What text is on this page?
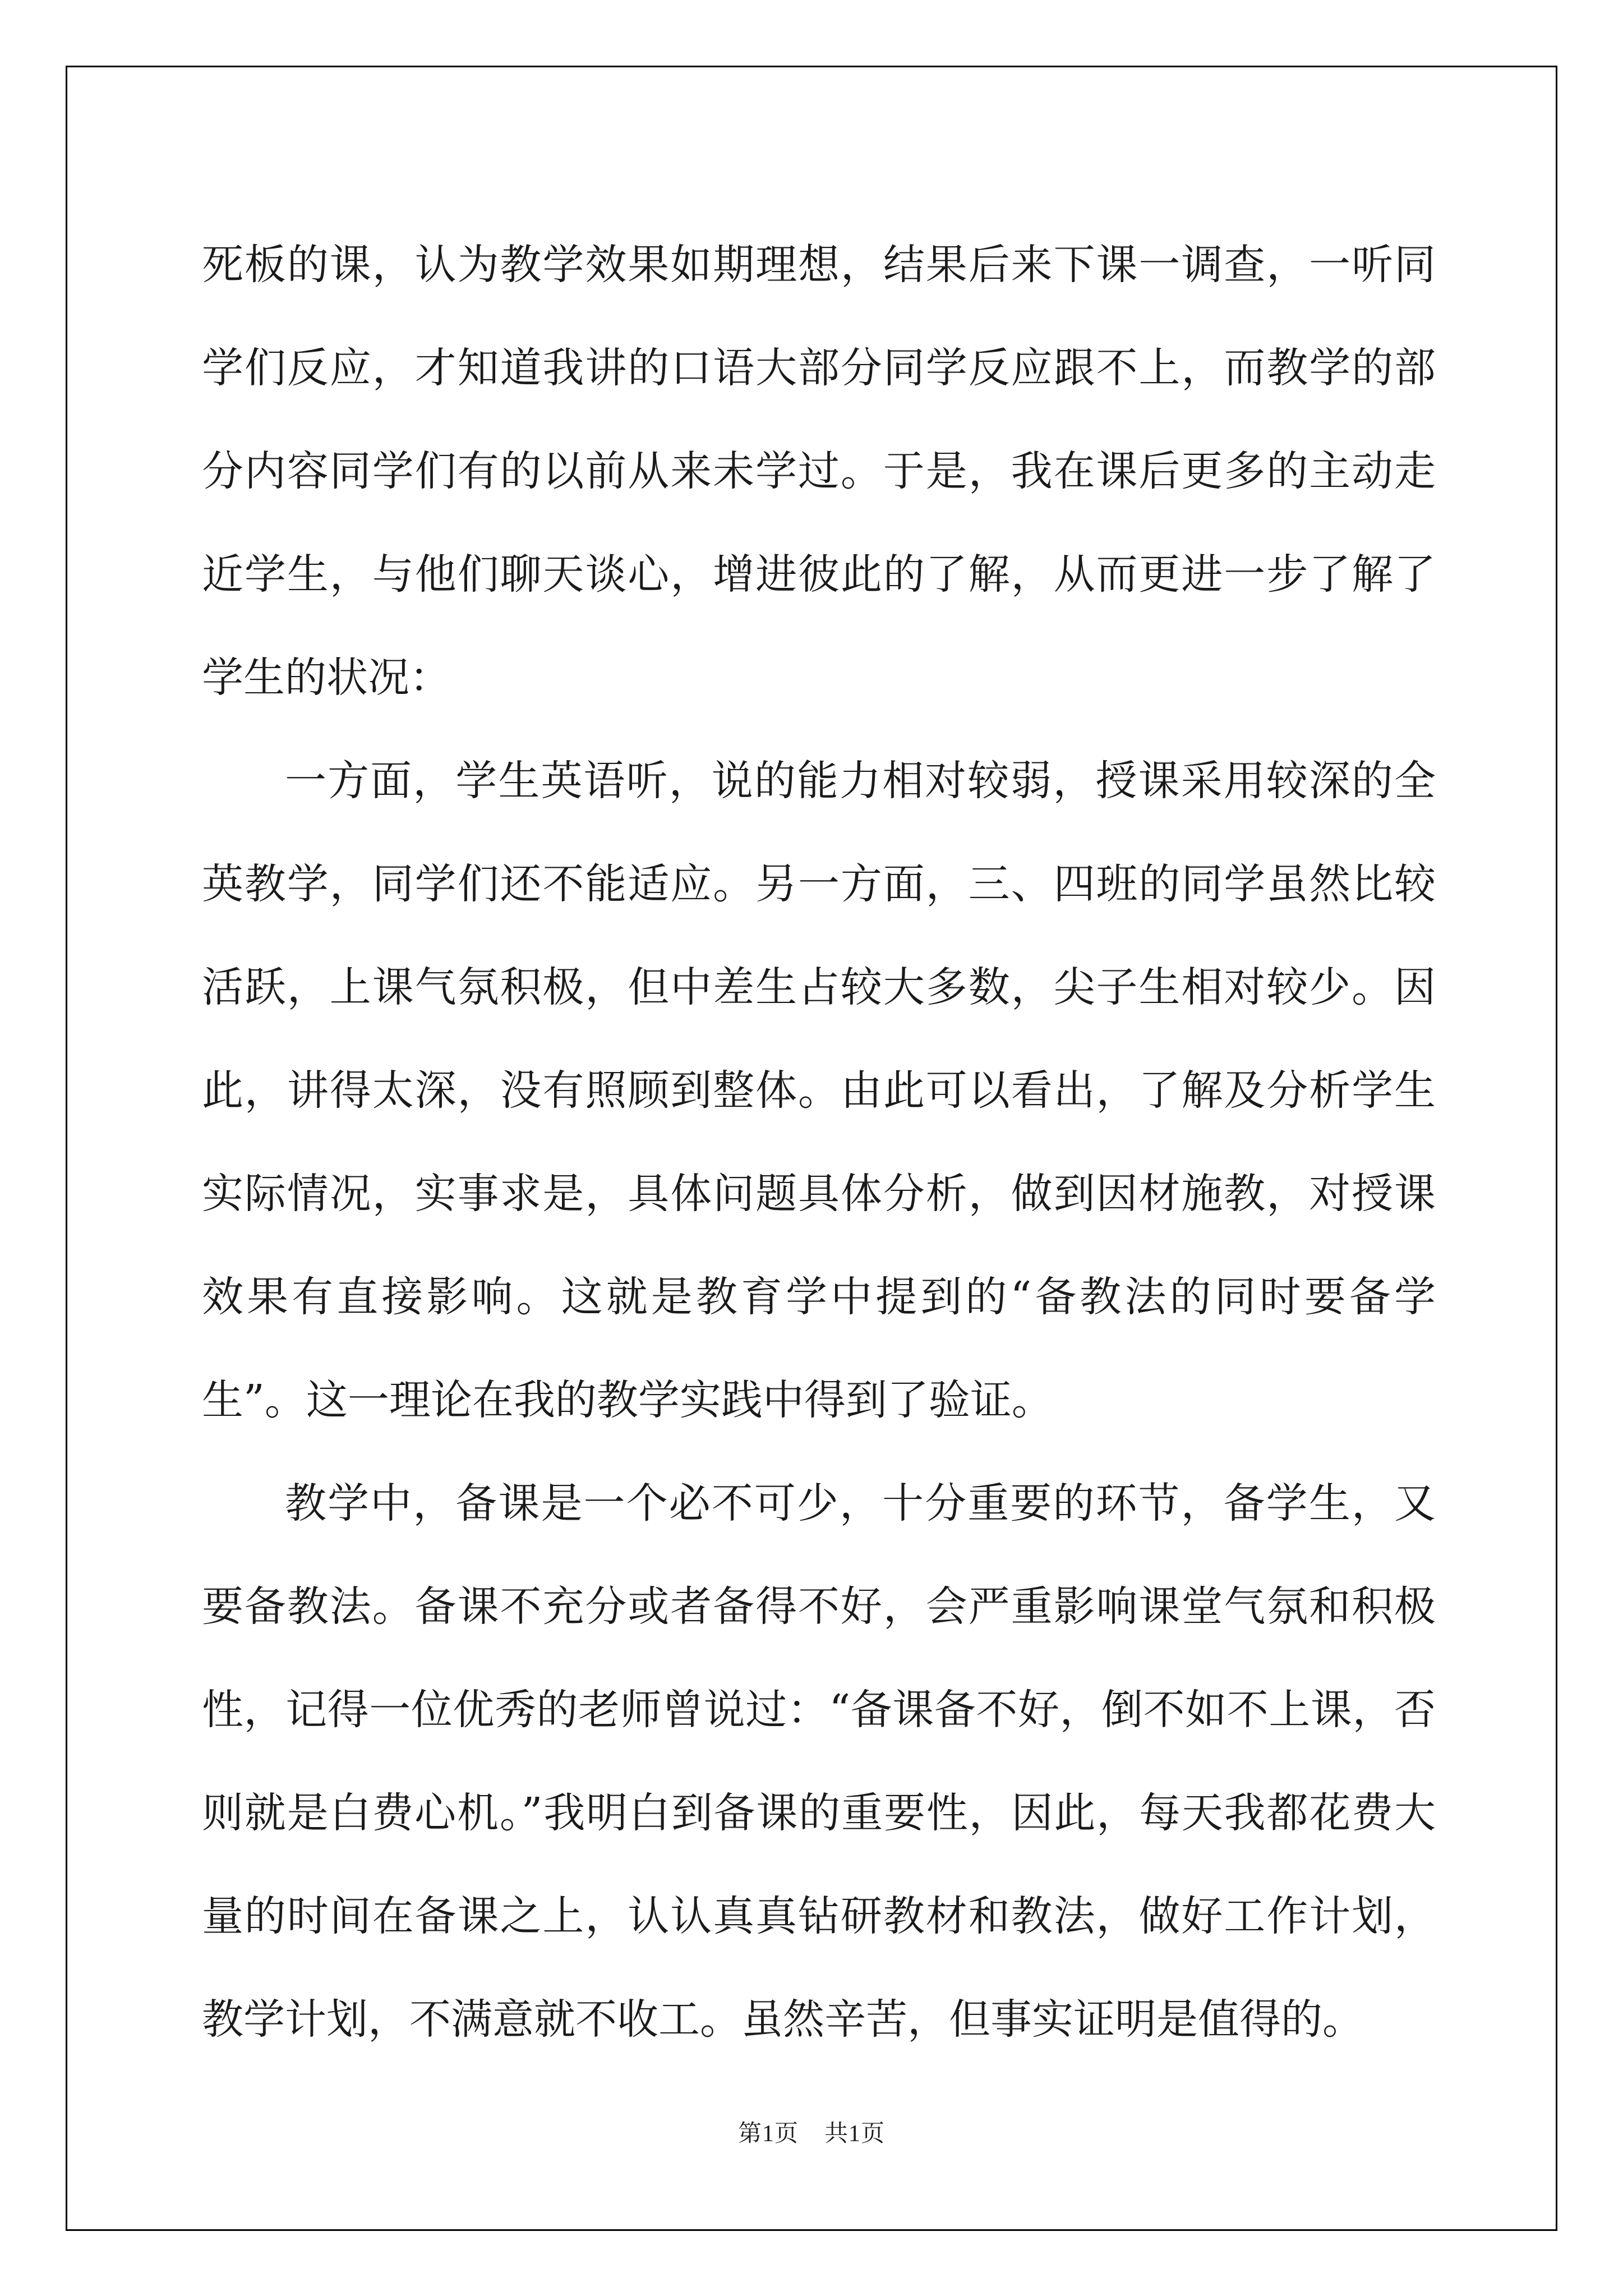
死板的课，认为教学效果如期理想，结果后来下课一调查，一听同学们反应，才知道我讲的口语大部分同学反应跟不上，而教学的部分内容同学们有的以前从来未学过。于是，我在课后更多的主动走近学生，与他们聊天谈心，增进彼此的了解，从而更进一步了解了学生的状况：

一方面，学生英语听，说的能力相对较弱，授课采用较深的全英教学，同学们还不能适应。另一方面，三、四班的同学虽然比较活跃，上课气氛积极，但中差生占较大多数，尖子生相对较少。因此，讲得太深，没有照顾到整体。由此可以看出，了解及分析学生实际情况，实事求是，具体问题具体分析，做到因材施教，对授课效果有直接影响。这就是教育学中提到的“备教法的同时要备学生”。这一理论在我的教学实践中得到了验证。

教学中，备课是一个必不可少，十分重要的环节，备学生，又要备教法。备课不充分或者备得不好，会严重影响课堂气氛和积极性，记得一位优秀的老师曾说过：“备课备不好，倒不如不上课，否则就是白费心机。”我明白到备课的重要性，因此，每天我都花费大量的时间在备课之上，认认真真钻研教材和教法，做好工作计划，教学计划，不满意就不收工。虽然辛苦，但事实证明是值得的。

第1页 共1页
